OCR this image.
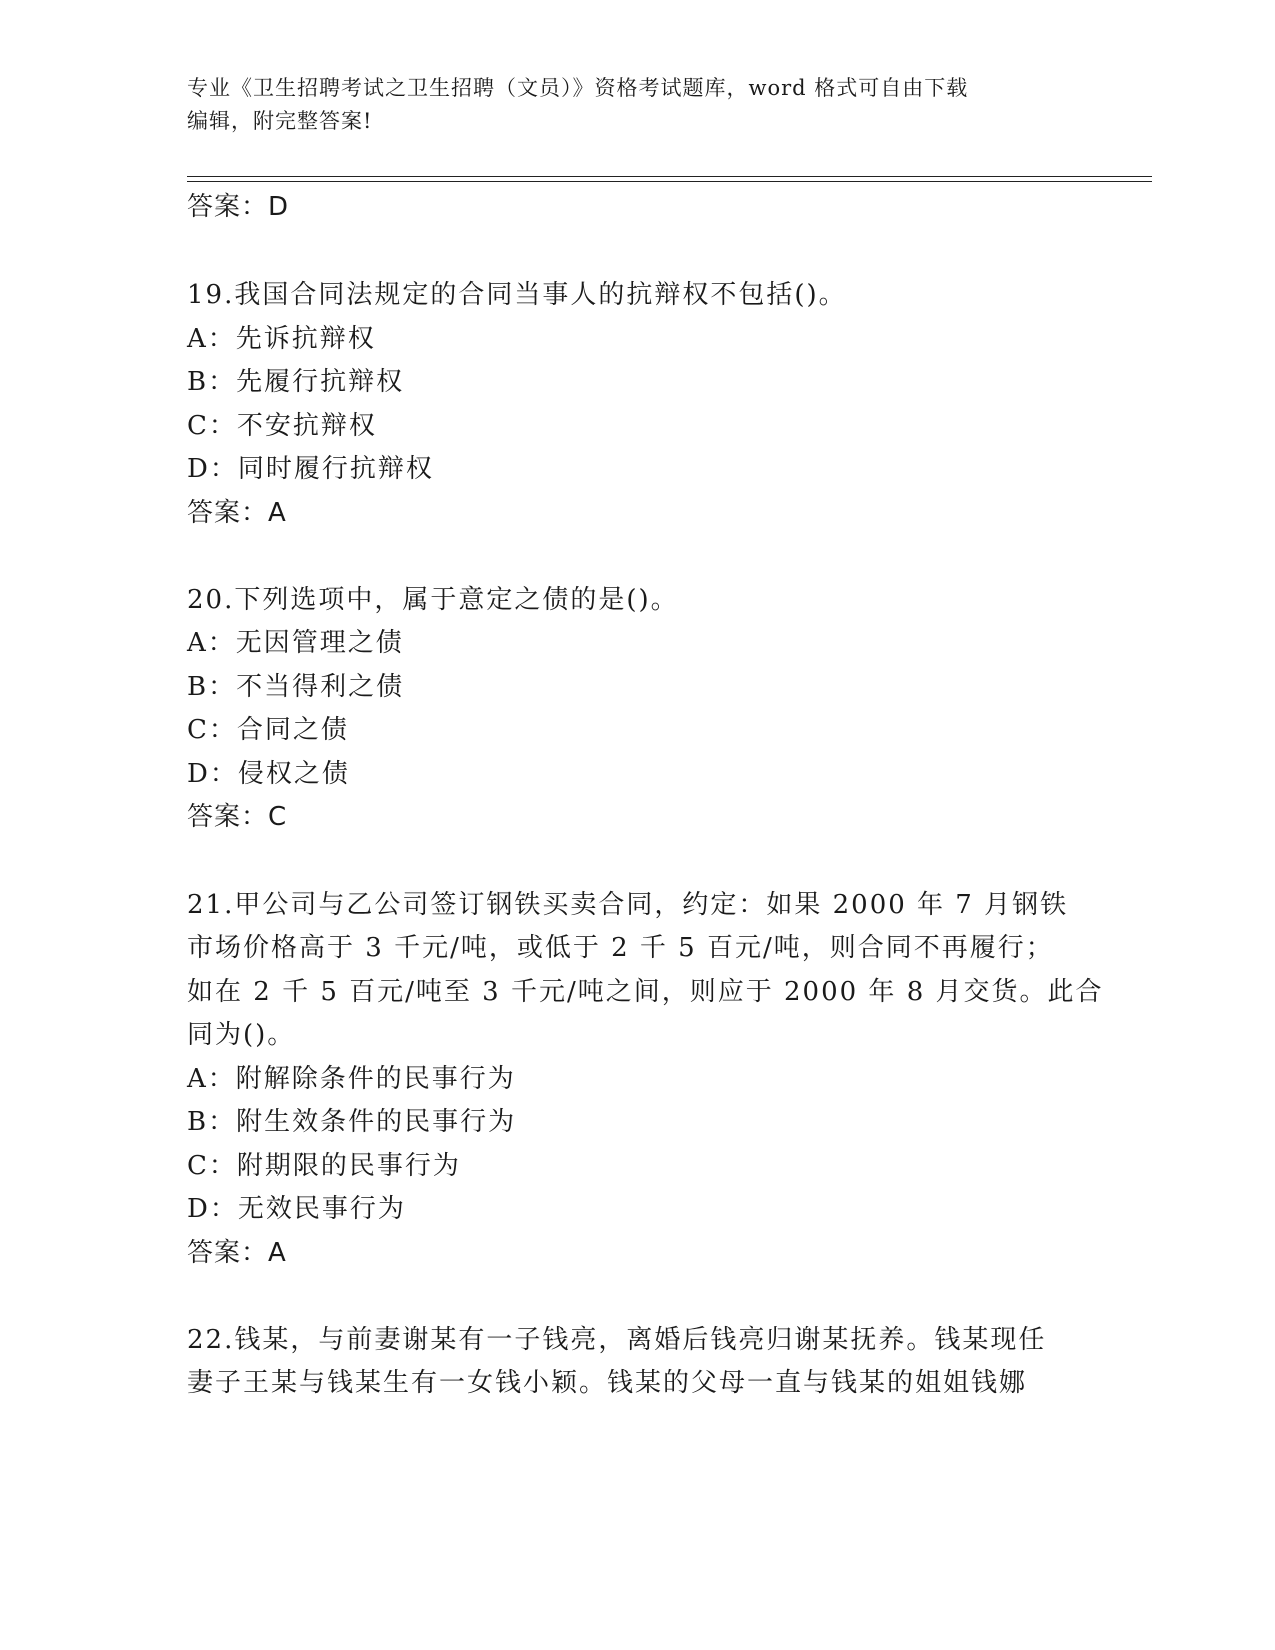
专业《卫生招聘考试之卫生招聘（文员）》资格考试题库，word 格式可自由下载
编辑，附完整答案!
答案：D
19.我国合同法规定的合同当事人的抗辩权不包括()。
A：先诉抗辩权
B：先履行抗辩权
C：不安抗辩权
D：同时履行抗辩权
答案：A
20.下列选项中，属于意定之债的是()。
A：无因管理之债
B：不当得利之债
C：合同之债
D：侵权之债
答案：C
21.甲公司与乙公司签订钢铁买卖合同，约定：如果 2000 年 7 月钢铁
市场价格高于 3 千元/吨，或低于 2 千 5 百元/吨，则合同不再履行；
如在 2 千 5 百元/吨至 3 千元/吨之间，则应于 2000 年 8 月交货。此合
同为()。
A：附解除条件的民事行为
B：附生效条件的民事行为
C：附期限的民事行为
D：无效民事行为
答案：A
22.钱某，与前妻谢某有一子钱亮，离婚后钱亮归谢某抚养。钱某现任
妻子王某与钱某生有一女钱小颖。钱某的父母一直与钱某的姐姐钱娜
